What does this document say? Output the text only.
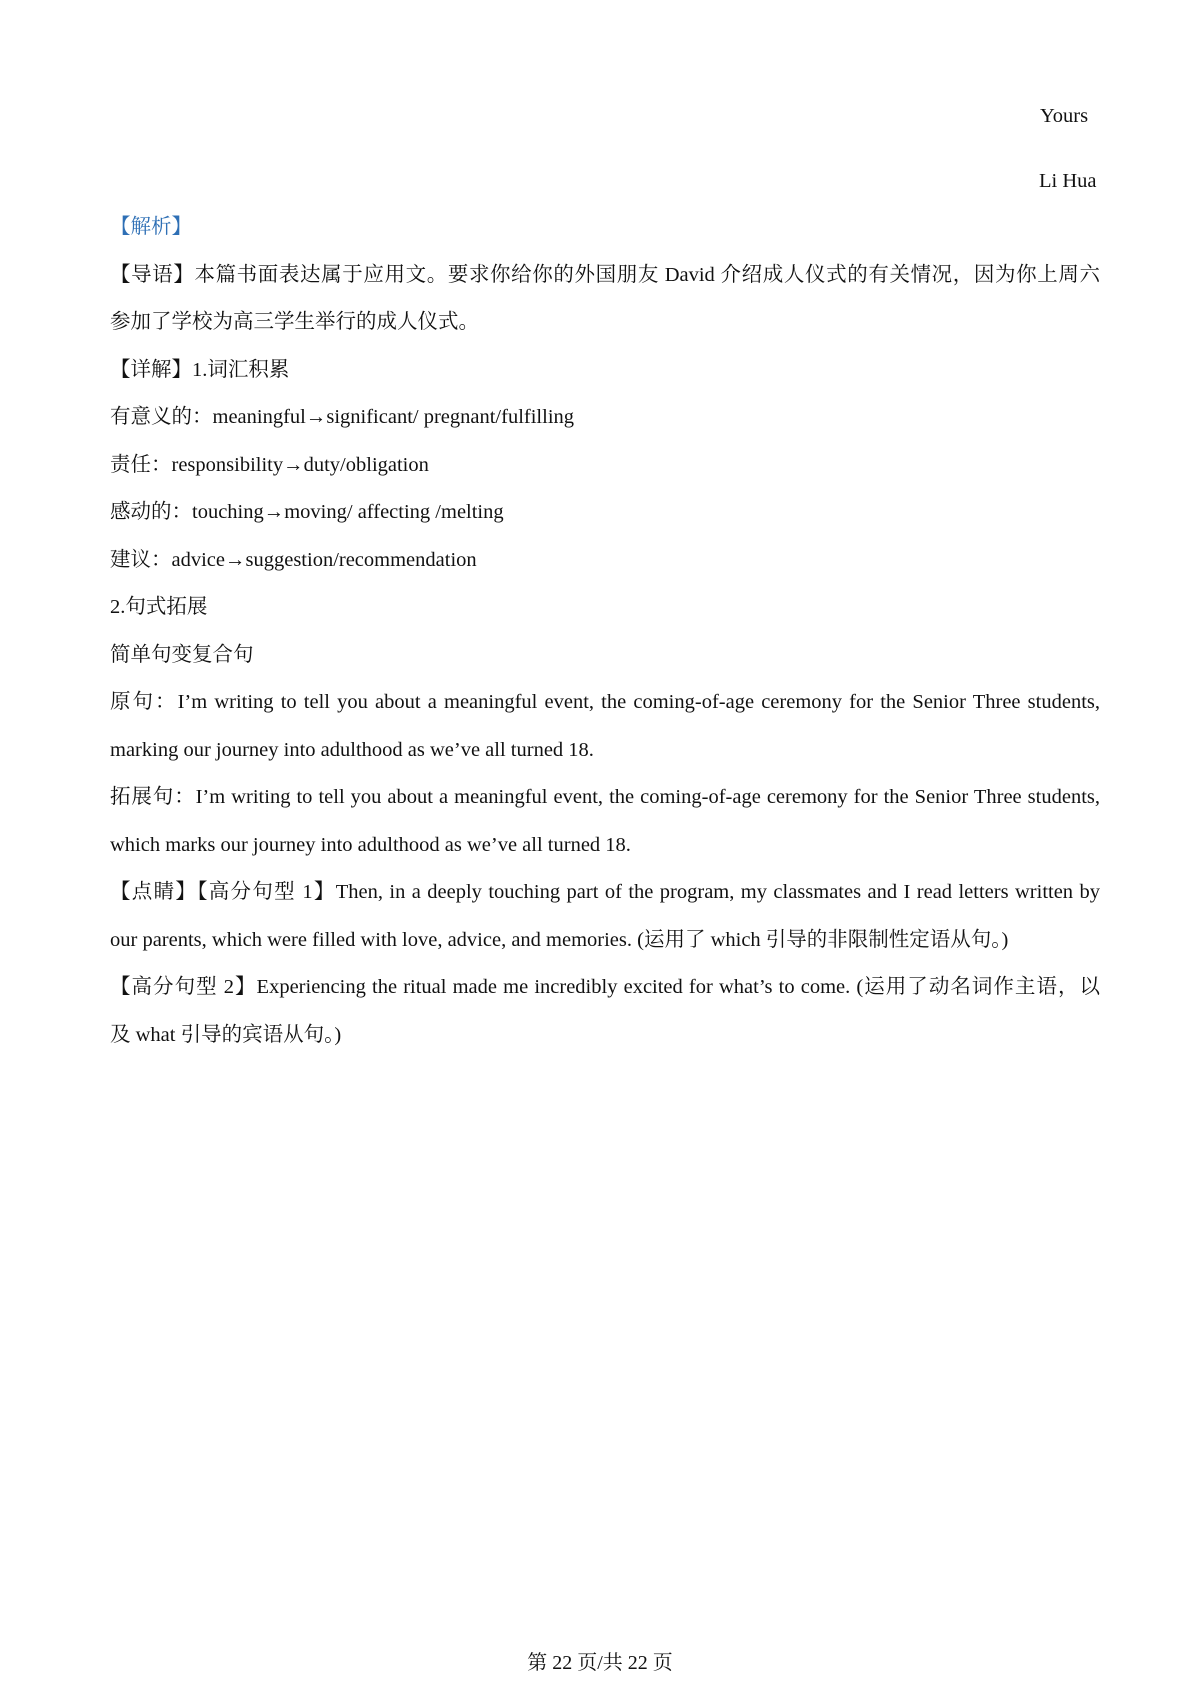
Yours
Li Hua
【解析】
【导语】本篇书面表达属于应用文。要求你给你的外国朋友 David 介绍成人仪式的有关情况，因为你上周六
参加了学校为高三学生举行的成人仪式。
【详解】1.词汇积累
有意义的：meaningful→significant/ pregnant/fulfilling
责任：responsibility→duty/obligation
感动的：touching→moving/ affecting /melting
建议：advice→suggestion/recommendation
2.句式拓展
简单句变复合句
原句：I’m writing to tell you about a meaningful event, the coming-of-age ceremony for the Senior Three students,
marking our journey into adulthood as we’ve all turned 18.
拓展句：I’m writing to tell you about a meaningful event, the coming-of-age ceremony for the Senior Three students,
which marks our journey into adulthood as we’ve all turned 18.
【点睛】【高分句型 1】Then, in a deeply touching part of the program, my classmates and I read letters written by
our parents, which were filled with love, advice, and memories. (运用了 which 引导的非限制性定语从句。)
【高分句型 2】Experiencing the ritual made me incredibly excited for what’s to come. (运用了动名词作主语，以
及 what 引导的宾语从句。)
第 22 页/共 22 页
